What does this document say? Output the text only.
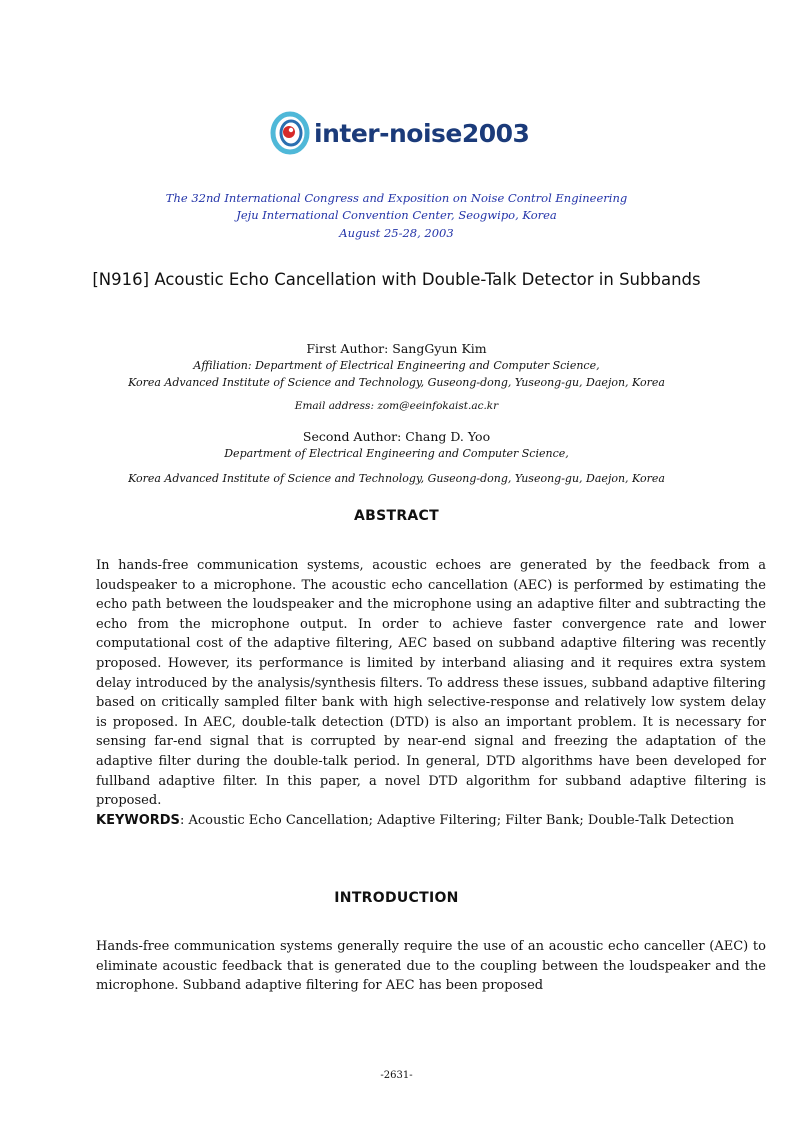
inter-noise2003
The 32nd International Congress and Exposition on Noise Control Engineering
Jeju International Convention Center, Seogwipo, Korea
August 25-28, 2003
[N916] Acoustic Echo Cancellation with Double-Talk Detector in Subbands
First Author: SangGyun Kim
Affiliation: Department of Electrical Engineering and Computer Science,
Korea Advanced Institute of Science and Technology, Guseong-dong, Yuseong-gu, Daejon, Korea
Email address: zom@eeinfokaist.ac.kr
Second Author: Chang D. Yoo
Department of Electrical Engineering and Computer Science,
Korea Advanced Institute of Science and Technology, Guseong-dong, Yuseong-gu, Daejon, Korea
ABSTRACT
In hands-free communication systems, acoustic echoes are generated by the feedback from a loudspeaker to a microphone. The acoustic echo cancellation (AEC) is performed by estimating the echo path between the loudspeaker and the microphone using an adaptive filter and subtracting the echo from the microphone output. In order to achieve faster convergence rate and lower computational cost of the adaptive filtering, AEC based on subband adaptive filtering was recently proposed. However, its performance is limited by interband aliasing and it requires extra system delay introduced by the analysis/synthesis filters. To address these issues, subband adaptive filtering based on critically sampled filter bank with high selective-response and relatively low system delay is proposed. In AEC, double-talk detection (DTD) is also an important problem. It is necessary for sensing far-end signal that is corrupted by near-end signal and freezing the adaptation of the adaptive filter during the double-talk period. In general, DTD algorithms have been developed for fullband adaptive filter. In this paper, a novel DTD algorithm for subband adaptive filtering is proposed.
KEYWORDS: Acoustic Echo Cancellation; Adaptive Filtering; Filter Bank; Double-Talk Detection
INTRODUCTION
Hands-free communication systems generally require the use of an acoustic echo canceller (AEC) to eliminate acoustic feedback that is generated due to the coupling between the loudspeaker and the microphone. Subband adaptive filtering for AEC has been proposed
-2631-
